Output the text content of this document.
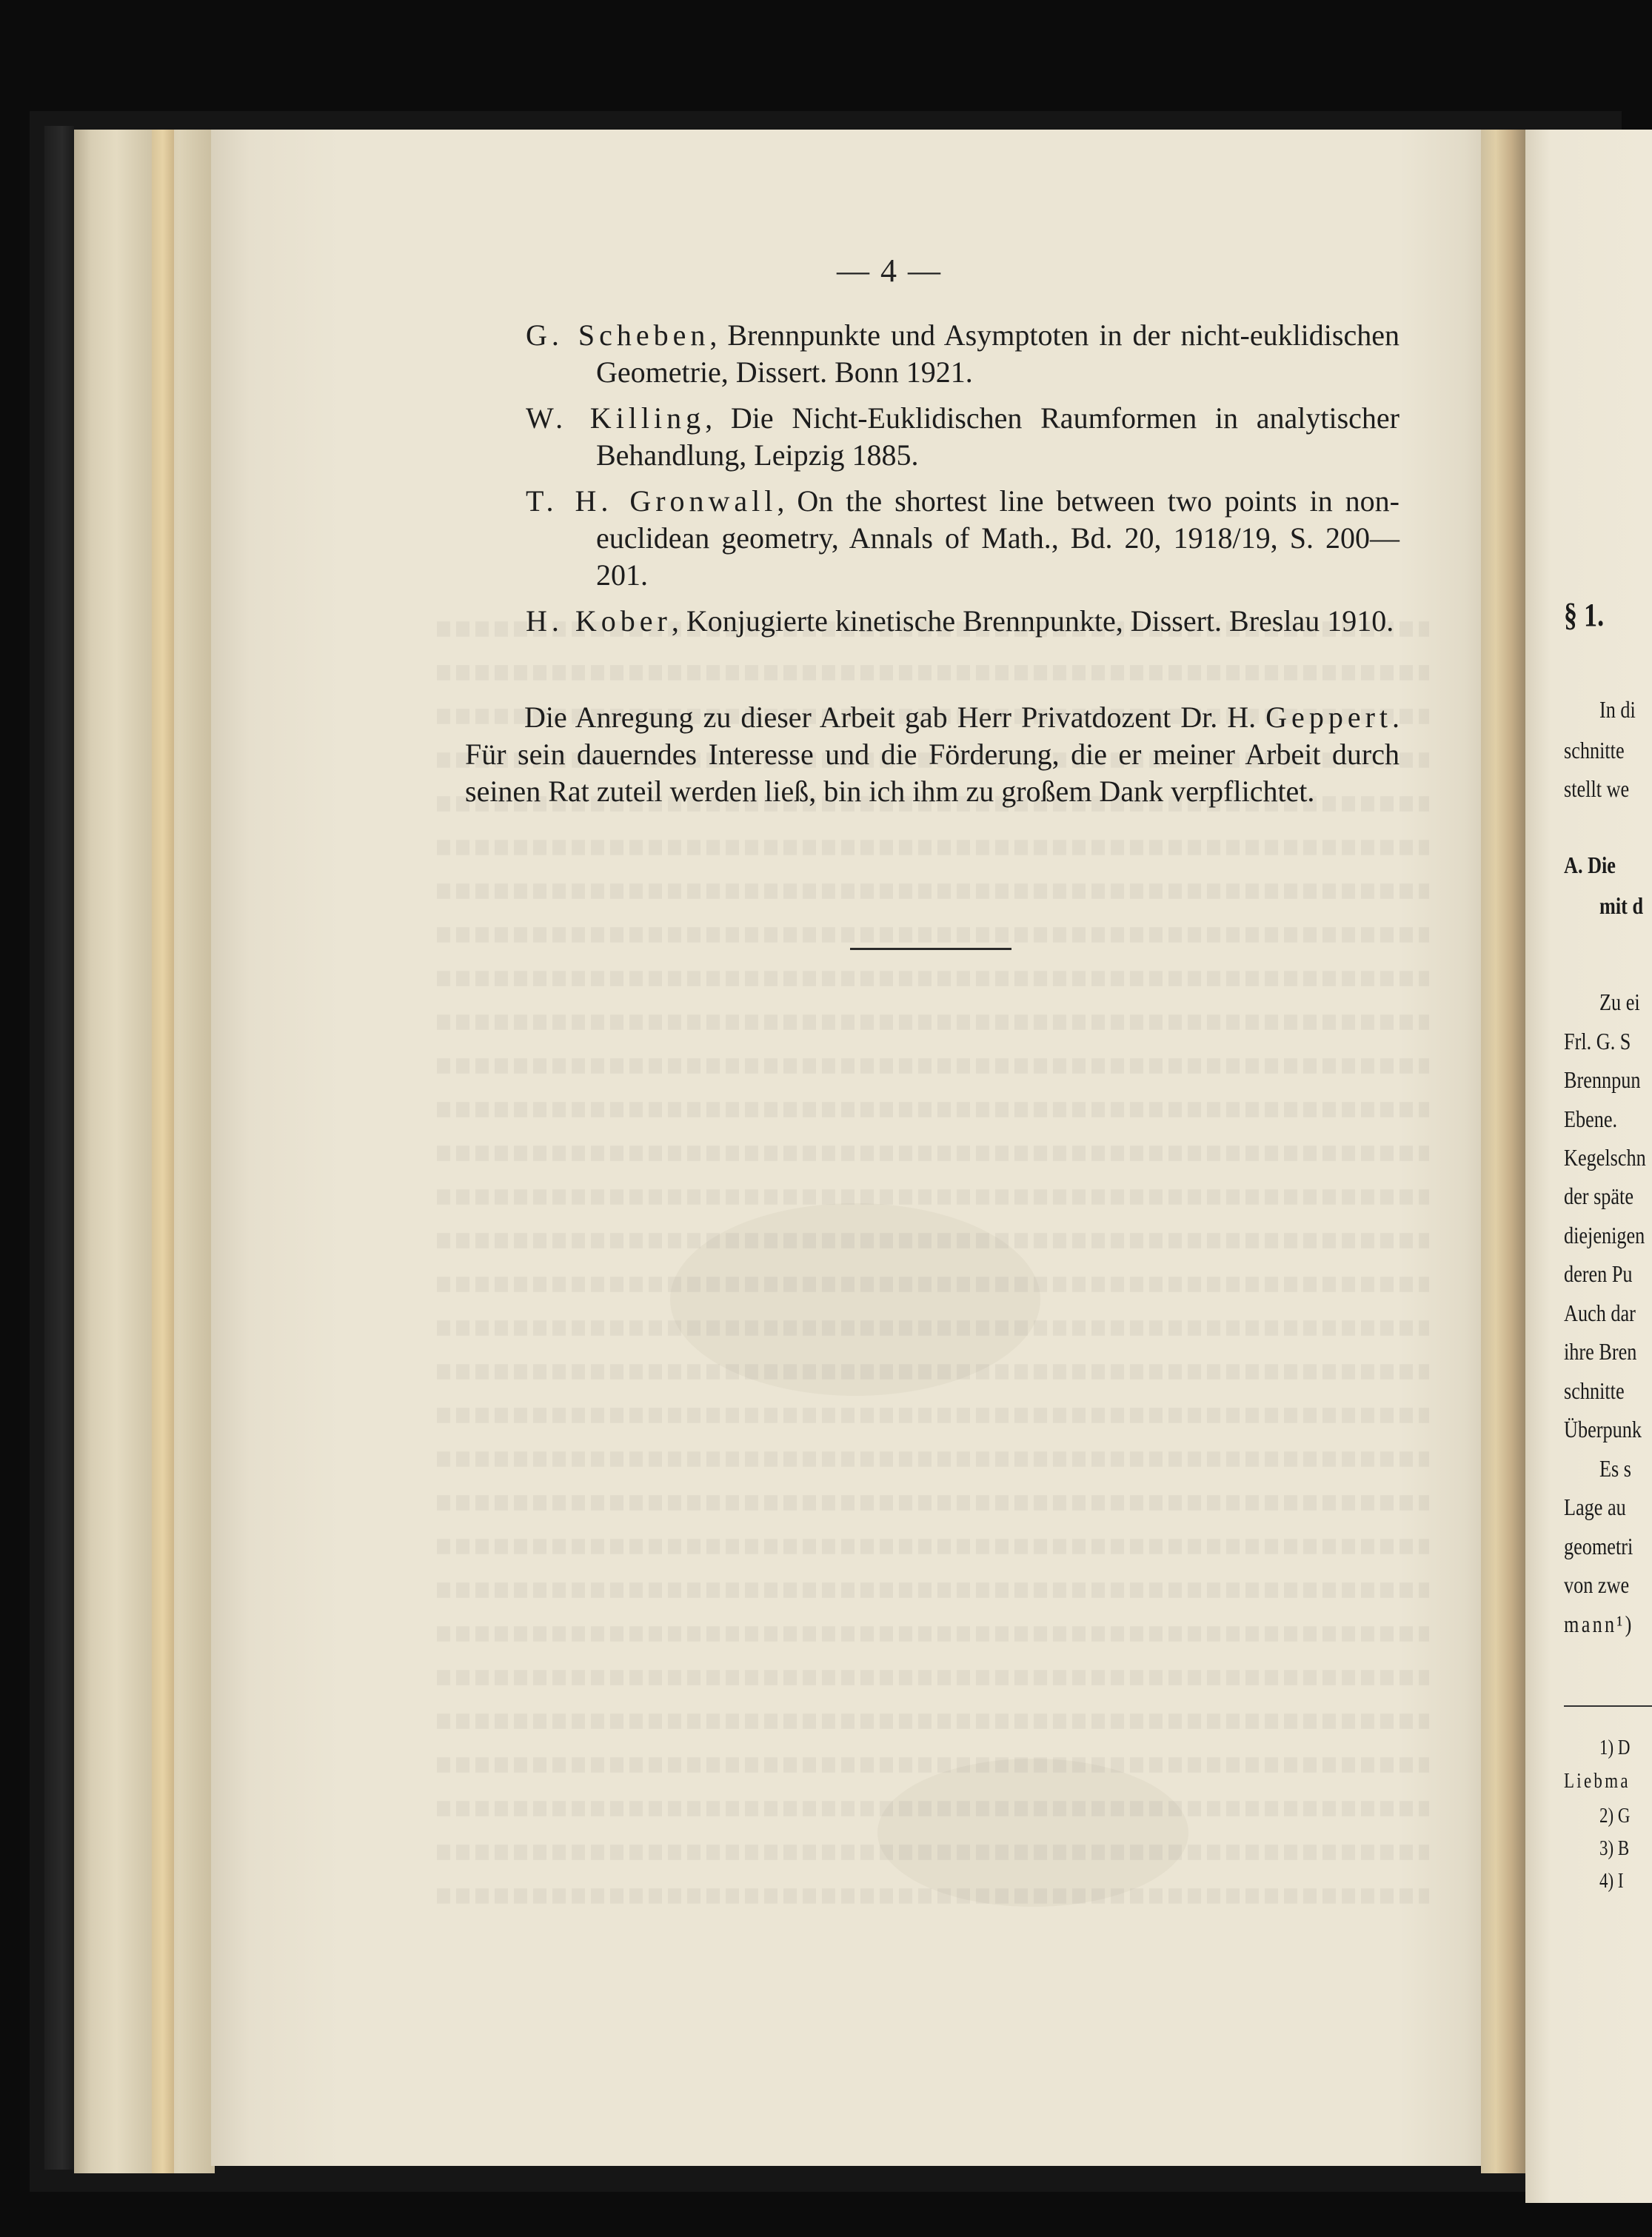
— 4 —
G. Scheben, Brennpunkte und Asymptoten in der nicht-euklidischen Geometrie, Dissert. Bonn 1921.
W. Killing, Die Nicht-Euklidischen Raumformen in analytischer Behandlung, Leipzig 1885.
T. H. Gronwall, On the shortest line between two points in non-euclidean geometry, Annals of Math., Bd. 20, 1918/19, S. 200—201.
H. Kober, Konjugierte kinetische Brennpunkte, Dissert. Breslau 1910.
Die Anregung zu dieser Arbeit gab Herr Privatdozent Dr. H. Geppert. Für sein dauerndes Interesse und die Förderung, die er meiner Arbeit durch seinen Rat zuteil werden ließ, bin ich ihm zu großem Dank verpflichtet.
§ 1.
In di
schnitte
stellt we
A. Die
mit d
Zu ei
Frl. G. S
Brennpun
Ebene.
Kegelschn
der späte
diejenigen
deren Pu
Auch dar
ihre Bren
schnitte
Überpunk
Es s
Lage au
geometri
von zwe
mann¹)
1) D
Liebma
2) G
3) B
4) I
